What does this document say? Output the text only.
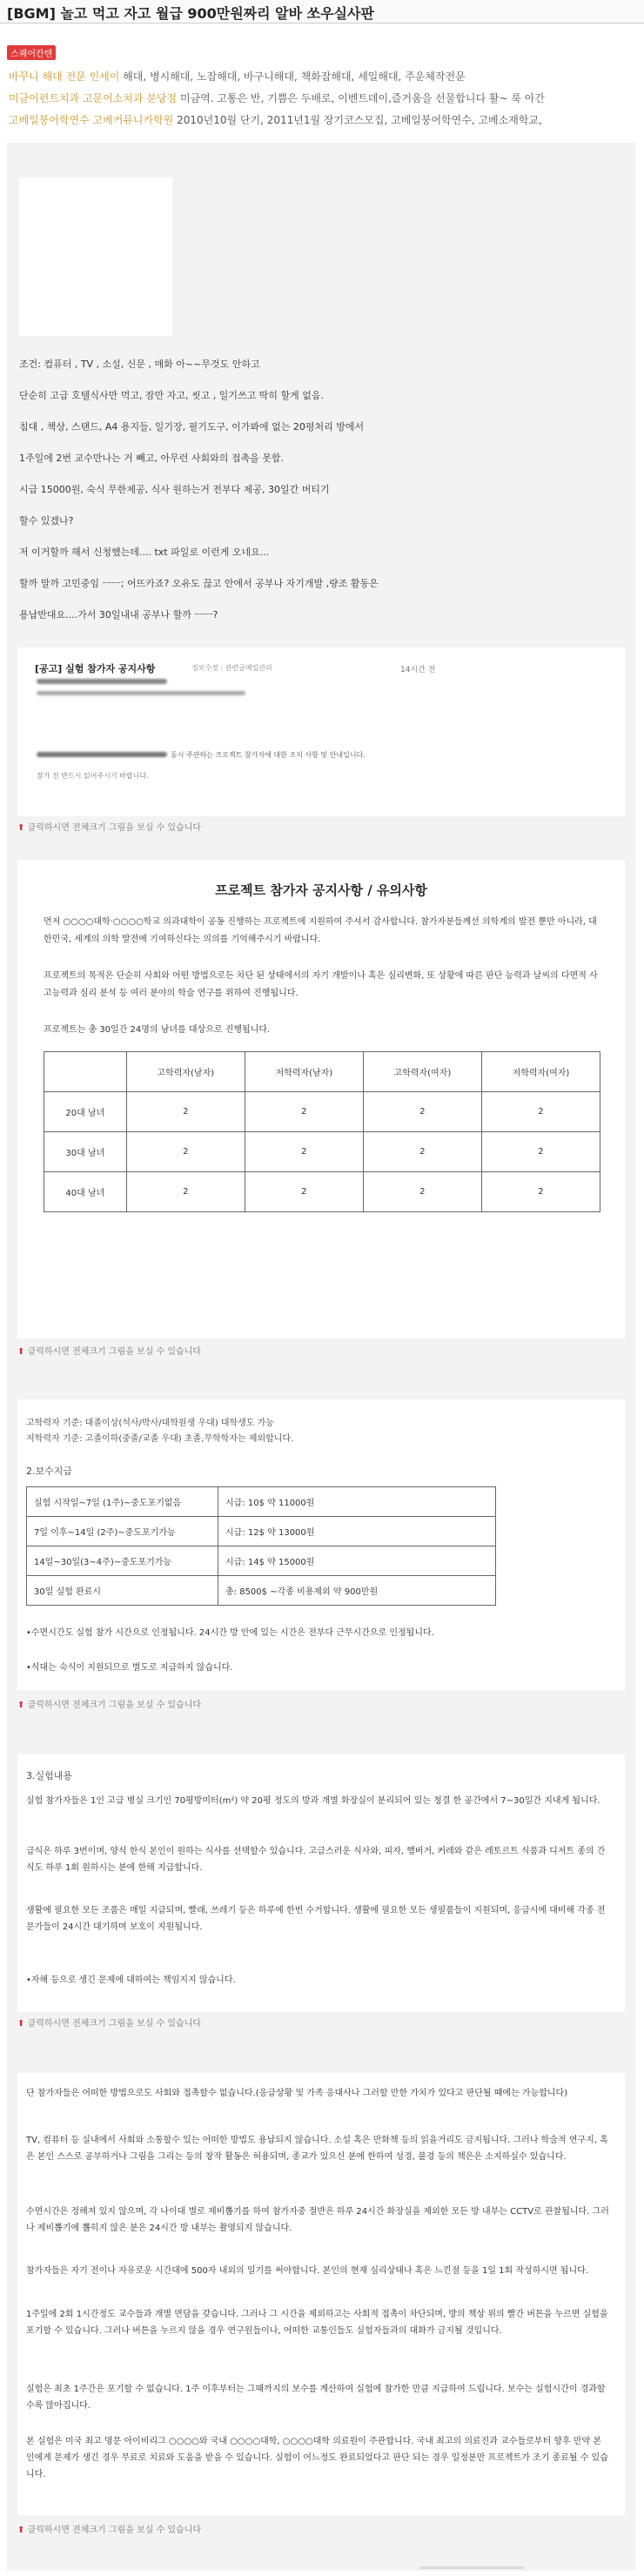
[BGM] 놀고 먹고 자고 월급 900만원짜리 알바 쏘우실사판
스퀘어칸텐
바꾸니 해대 전문 인세이 해대, 병시해대, 노잡해대, 바구니해대, 책화잡해대, 세일해대, 주운체작전문
미금이펀트치과 고문이소치과 분당점 미금역. 고통은 반, 기쁨은 두배로, 이벤트데이,즐거움을 선물합니다 활~ 룩 아간
고베일붕어학연수 고베커뮤니카학원 2010년10월 단기, 2011년1월 장기코스모집, 고베일붕어학연수, 고베소재학교,
조건: 컴퓨터 , TV , 소설, 신문 , 매화 아~~무것도 안하고
단순히 고급 호텔식사만 먹고, 잠만 자고, 씻고 , 일기쓰고 딱히 할게 없음.
침대 , 책상, 스탠드, A4 용지들, 일기장, 필기도구, 이가봐에 없는 20평처리 방에서
1주일에 2번 교수만나는 거 빼고, 아무런 사회와의 접촉을 못함.
시급 15000원, 숙식 무한제공, 식사 원하는거 전부다 제공, 30일간 버티기
할수 있겠나?
저 이거할까 해서 신청했는데.... txt 파일로 이런게 오네요...
할까 말까 고민중임 ㅡㅡ; 어뜨카죠? 오유도 끊고 안에서 공부나 자기개발 ,량조 활동은
용납반대요....가서 30일내내 공부나 할까 ㅡㅡ?
[공고] 실험 참가자 공지사항	정보수정 : 관련글메일관리	14시간 전
동시 주관하는 프로젝트 참가자에 대한 조치 사항 및 안내입니다.
참가 전 반드시 읽어주시기 바랍니다.
⬆ 클릭하시면 전체크기 그림을 보실 수 있습니다
프로젝트 참가자 공지사항 / 유의사항
먼저 ○○○○대학·○○○○학교 의과대학이 공동 진행하는 프로젝트에 지원하여 주셔서 감사합니다. 참가자분들께선 의학계의 발전 뿐만 아니라, 대한민국, 세계의 의학 발전에 기여하신다는 의의를 기억해주시기 바랍니다.
프로젝트의 목적은 단순히 사회와 어떤 방법으로든 차단 된 상태에서의 자기 개발이나 혹은 심리변화, 또 상황에 따른 판단 능력과 날씨의 다면적 사고능력과 심리 분석 등 여러 분야의 학술 연구를 위하여 진행됩니다.
프로젝트는 총 30일간 24명의 남녀를 대상으로 진행됩니다.
	고학력자(남자)	저학력자(남자)	고학력자(여자)	저학력자(여자)
20대 남녀	2	2	2	2
30대 남녀	2	2	2	2
40대 남녀	2	2	2	2
⬆ 클릭하시면 전체크기 그림을 보실 수 있습니다
고학력자 기준: 대졸이상(석사/박사/대학원생 우대) 대학생도 가능
저학력자 기준: 고졸이하(중졸/교졸 우대) 초졸,무학학자는 제외합니다.
2.보수지급
실험 시작일~7일 (1주)~중도포기없음	시급: 10$ 약 11000원
7일 이후~14일 (2주)~중도포기가능	시급: 12$ 약 13000원
14일~30일(3~4주)~중도포기가능	시급: 14$ 약 15000원
30일 실험 완료시	총: 8500$ ~각종 비용제외 약 900만원
•수면시간도 실험 참가 시간으로 인정됩니다. 24시간 방 안에 있는 시간은 전부다 근무시간으로 인정됩니다.
•식대는 숙식이 지원되므로 별도로 지급하지 않습니다.
⬆ 클릭하시면 전체크기 그림을 보실 수 있습니다
3.실험내용
실험 참가자들은 1인 고급 병실 크기인 70평방미터(m²) 약 20평 정도의 방과 개별 화장실이 분리되어 있는 청결 한 공간에서 7~30일간 지내게 됩니다.
급식은 하루 3번이며, 양식 한식 본인이 원하는 식사를 선택할수 있습니다. 고급스러운 식사와, 피자, 햄버거, 커레와 같은 레토르트 식품과 디저트 종의 간식도 하루 1회 원하시는 분에 한해 지급합니다.
생활에 필요한 모든 조품은 매일 지급되며, 빨래, 쓰레기 등은 하루에 한번 수거합니다. 생활에 필요한 모든 생필품들이 지원되며, 응급시에 대비해 각종 전문가들이 24시간 대기하며 보호이 지원됩니다.
•자해 등으로 생긴 문제에 대하여는 책임지지 않습니다.
⬆ 클릭하시면 전체크기 그림을 보실 수 있습니다
단 참가자들은 어떠한 방법으로도 사회와 접촉할수 없습니다.(응급상황 및 가족 응대사나 그러할 만한 가치가 있다고 판단될 때에는 가능합니다)
TV, 컴퓨터 등 실내에서 사회와 소통할수 있는 어떠한 방법도 용납되지 않습니다. 소설 혹은 만화책 등의 읽을거리도 금지됩니다. 그러나 학술적 연구지, 혹은 본인 스스로 공부하거나 그림을 그리는 등의 창작 활동은 허용되며, 종교가 있으신 분에 한하여 성경, 불경 등의 책은은 소지하실수 있습니다.
수면시간은 정해져 있지 않으며, 각 나이대 별로 제비뽑기를 하여 참가자중 절반은 하루 24시간 화장실을 제외한 모든 방 내부는 CCTV로 관찰됩니다. 그러나 제비뽑기에 뽑히지 않은 분은 24시간 방 내부는 촬영되지 않습니다.
참가자들은 자기 전이나 자유로운 시간대에 500자 내외의 일기를 써야합니다. 본인의 현재 심리상태나 혹은 느낀점 등을 1일 1회 작성하시면 됩니다.
1주일에 2회 1시간정도 교수들과 개별 면담을 갖습니다. 그러나 그 시간을 제외하고는 사회적 접촉이 차단되며, 방의 책상 위의 빨간 버튼을 누르면 실험을 포기할 수 있습니다. 그러나 버튼을 누르지 않을 경우 연구원들이나, 어떠한 교통인들도 실험자들과의 대화가 금지될 것입니다.
실험은 최초 1주간은 포기할 수 없습니다. 1주 이후부터는 그때까지의 보수를 계산하여 실험에 참가한 만큼 지급하여 드립니다. 보수는 실험시간이 경과할수록 많아집니다.
본 실험은 미국 최고 명문 아이비리그 ○○○○와 국내 ○○○○대학, ○○○○대학 의료원이 주관합니다. 국내 최고의 의료진과 교수들로부터 향후 만약 본인에게 문제가 생긴 경우 무료로 치료와 도움을 받을 수 있습니다. 실험이 어느정도 완료되었다고 판단 되는 경우 일정분만 프로젝트가 조기 종료될 수 있습니다.
⬆ 클릭하시면 전체크기 그림을 보실 수 있습니다
